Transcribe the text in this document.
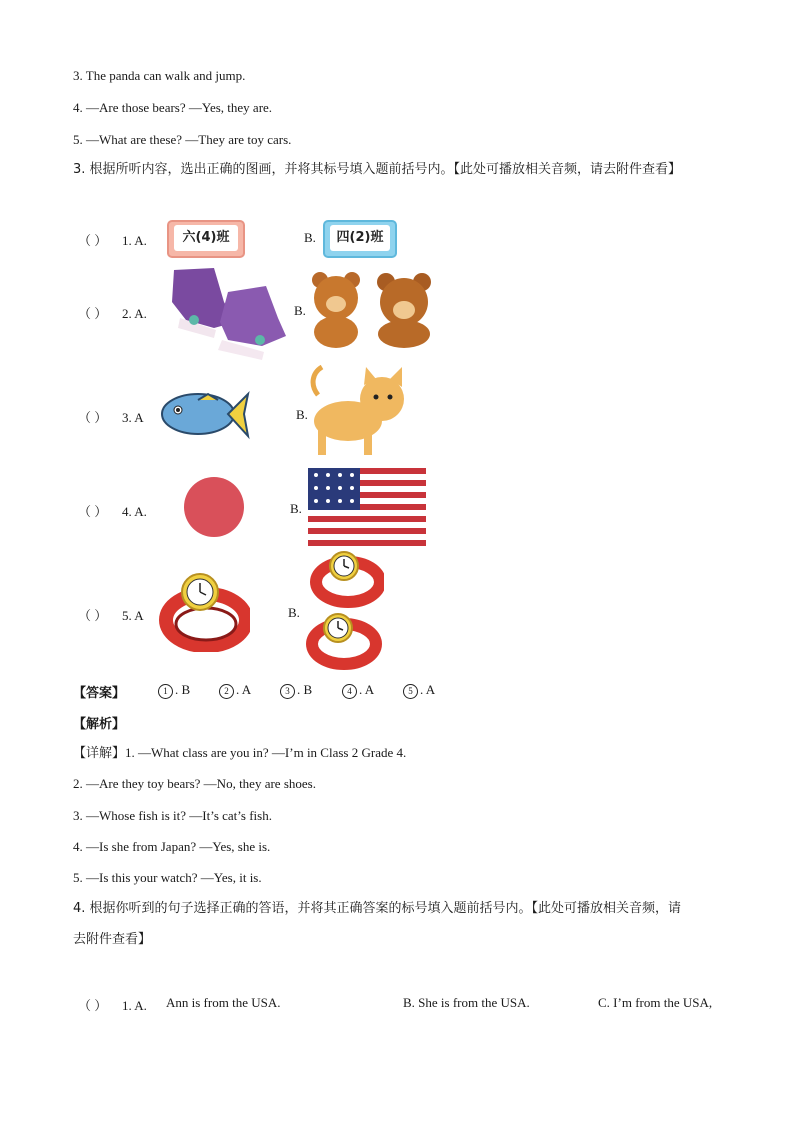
3. The panda can walk and jump.
4. —Are those bears? —Yes, they are.
5. —What are these? —They are toy cars.
3. 根据所听内容，选出正确的图画，并将其标号填入题前括号内。【此处可播放相关音频，请去附件查看】
（ ） 1. A.	六(4)班	B.	四(2)班
（ ） 2. A.	B.
（ ） 3. A	B.
（ ） 4. A.	B.
（ ） 5. A	B.
【答案】	1 . B	2 . A	3 . B	4 . A	5 . A
【解析】
【详解】1. —What class are you in? —I’m in Class 2 Grade 4.
2. —Are they toy bears? —No, they are shoes.
3. —Whose fish is it? —It’s cat’s fish.
4. —Is she from Japan? —Yes, she is.
5. —Is this your watch? —Yes, it is.
4. 根据你听到的句子选择正确的答语，并将其正确答案的标号填入题前括号内。【此处可播放相关音频，请
去附件查看】
（ ） 1. A. Ann is from the USA.	B. She is from the USA.	C. I’m from the USA,
